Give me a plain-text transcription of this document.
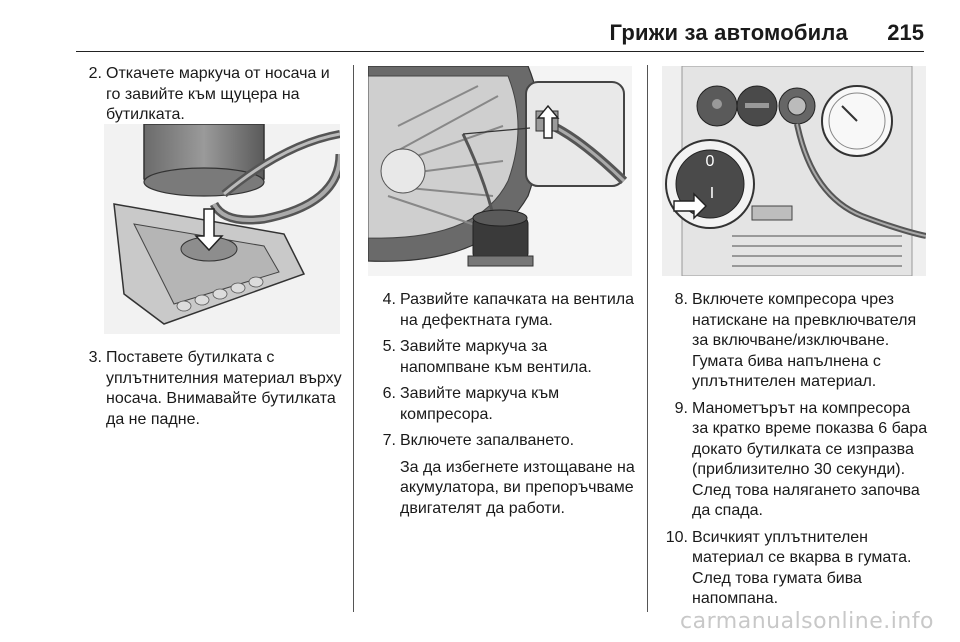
Грижи за автомобила 215
2. Откачете маркуча от носача и го завийте към щуцера на бутилката.
3. Поставете бутилката с уплътнителния материал върху носача. Внимавайте бутилката да не падне.
4. Развийте капачката на вентила на дефектната гума.
5. Завийте маркуча за напомпване към вентила.
6. Завийте маркуча към компресора.
7. Включете запалването.
За да избегнете изтощаване на акумулатора, ви препоръчваме двигателят да работи.
0
I
8. Включете компресора чрез натискане на превключвателя за включване/изключване. Гумата бива напълнена с уплътнителен материал.
9. Манометърът на компресора за кратко време показва 6 бара докато бутилката се изпразва (приблизително 30 секунди). След това налягането започва да спада.
10. Всичкият уплътнителен материал се вкарва в гумата. След това гумата бива напомпана.
carmanualsonline.info
